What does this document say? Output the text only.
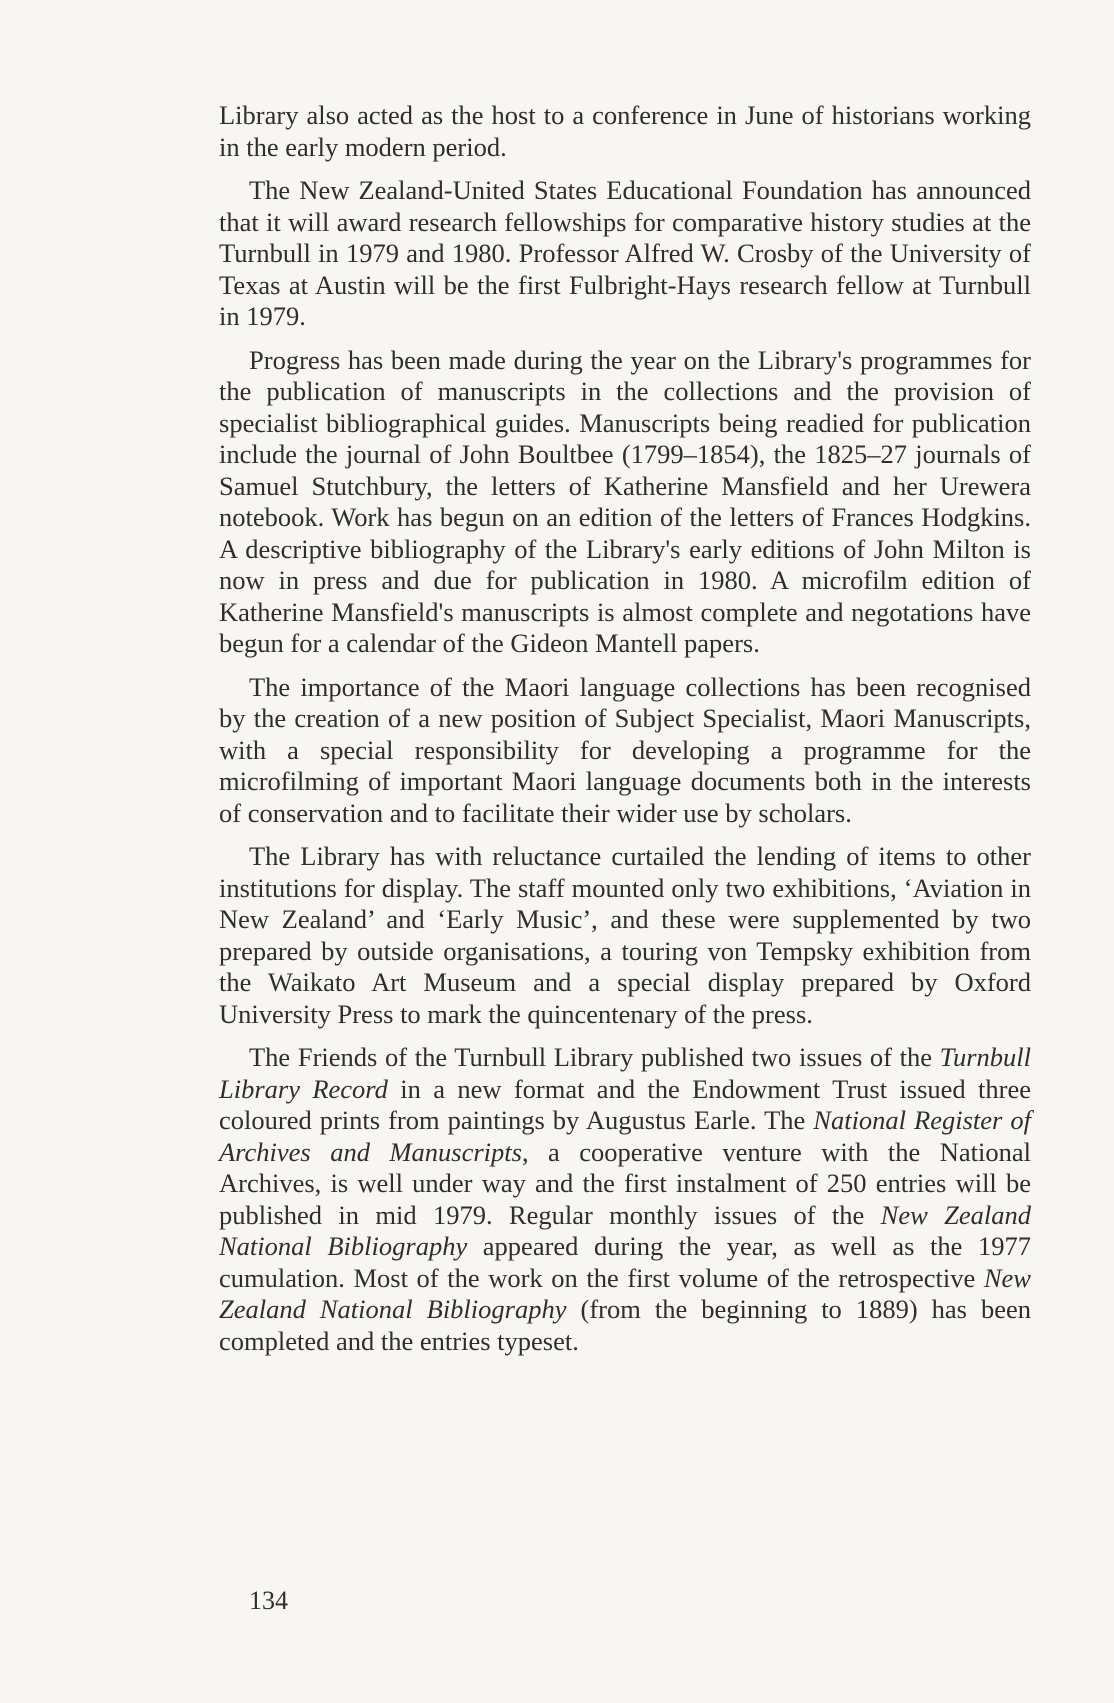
Library also acted as the host to a conference in June of historians working in the early modern period.

The New Zealand-United States Educational Foundation has announced that it will award research fellowships for comparative history studies at the Turnbull in 1979 and 1980. Professor Alfred W. Crosby of the University of Texas at Austin will be the first Fulbright-Hays research fellow at Turnbull in 1979.

Progress has been made during the year on the Library's programmes for the publication of manuscripts in the collections and the provision of specialist bibliographical guides. Manuscripts being readied for publication include the journal of John Boultbee (1799–1854), the 1825–27 journals of Samuel Stutchbury, the letters of Katherine Mansfield and her Urewera notebook. Work has begun on an edition of the letters of Frances Hodgkins. A descriptive bibliography of the Library's early editions of John Milton is now in press and due for publication in 1980. A microfilm edition of Katherine Mansfield's manuscripts is almost complete and negotations have begun for a calendar of the Gideon Mantell papers.

The importance of the Maori language collections has been recognised by the creation of a new position of Subject Specialist, Maori Manuscripts, with a special responsibility for developing a programme for the microfilming of important Maori language documents both in the interests of conservation and to facilitate their wider use by scholars.

The Library has with reluctance curtailed the lending of items to other institutions for display. The staff mounted only two exhibitions, ‘Aviation in New Zealand’ and ‘Early Music’, and these were supplemented by two prepared by outside organisations, a touring von Tempsky exhibition from the Waikato Art Museum and a special display prepared by Oxford University Press to mark the quincentenary of the press.

The Friends of the Turnbull Library published two issues of the Turnbull Library Record in a new format and the Endowment Trust issued three coloured prints from paintings by Augustus Earle. The National Register of Archives and Manuscripts, a cooperative venture with the National Archives, is well under way and the first instalment of 250 entries will be published in mid 1979. Regular monthly issues of the New Zealand National Bibliography appeared during the year, as well as the 1977 cumulation. Most of the work on the first volume of the retrospective New Zealand National Bibliography (from the beginning to 1889) has been completed and the entries typeset.

134
